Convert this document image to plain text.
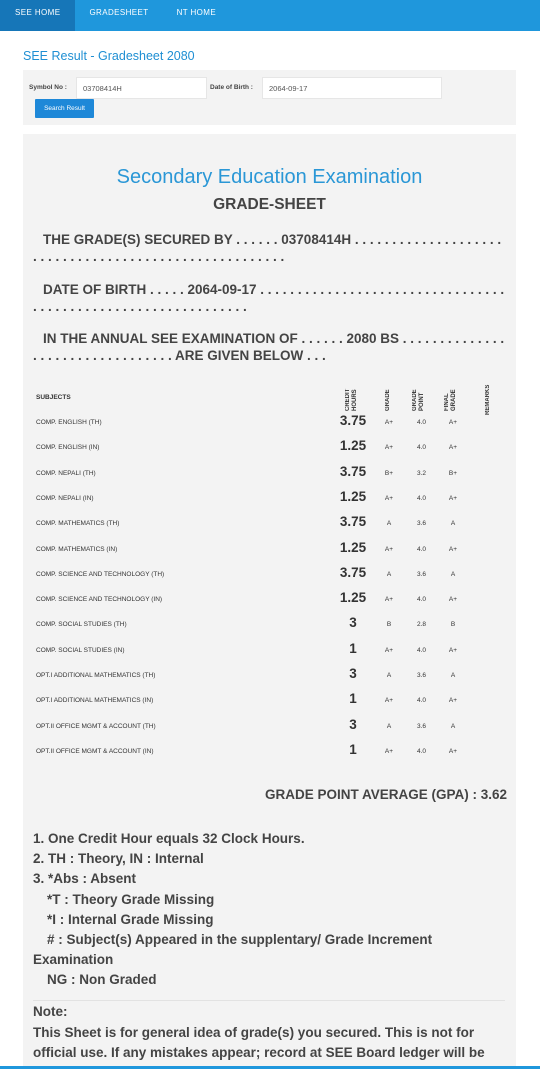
SEE HOME	GRADESHEET	NT HOME
SEE Result - Gradesheet 2080
Symbol No :	03708414H	Date of Birth :	2064-09-17
Search Result
Secondary Education Examination
GRADE-SHEET
THE GRADE(S) SECURED BY . . . . . . 03708414H . . . . . . . . . . . . . . . . . . . . . . . . . . . . . . . . . . . . . . . . . . . . . . . . . . . . . .
DATE OF BIRTH . . . . . 2064-09-17 . . . . . . . . . . . . . . . . . . . . . . . . . . . . . . . . . . . . . . . . . . . . . . . . . . . . . . . . . . . . . .
IN THE ANNUAL SEE EXAMINATION OF . . . . . . 2080 BS . . . . . . . . . . . . . . . . . . . . . . . . . . . . . . . . . ARE GIVEN BELOW . . .
SUBJECTS	CREDIT HOURS	GRADE	GRADE POINT	FINAL GRADE	REMARKS
COMP. ENGLISH (TH)	3.75	A+	4.0	A+
COMP. ENGLISH (IN)	1.25	A+	4.0	A+
COMP. NEPALI (TH)	3.75	B+	3.2	B+
COMP. NEPALI (IN)	1.25	A+	4.0	A+
COMP. MATHEMATICS (TH)	3.75	A	3.6	A
COMP. MATHEMATICS (IN)	1.25	A+	4.0	A+
COMP. SCIENCE AND TECHNOLOGY (TH)	3.75	A	3.6	A
COMP. SCIENCE AND TECHNOLOGY (IN)	1.25	A+	4.0	A+
COMP. SOCIAL STUDIES (TH)	3	B	2.8	B
COMP. SOCIAL STUDIES (IN)	1	A+	4.0	A+
OPT.I ADDITIONAL MATHEMATICS (TH)	3	A	3.6	A
OPT.I ADDITIONAL MATHEMATICS (IN)	1	A+	4.0	A+
OPT.II OFFICE MGMT & ACCOUNT (TH)	3	A	3.6	A
OPT.II OFFICE MGMT & ACCOUNT (IN)	1	A+	4.0	A+
GRADE POINT AVERAGE (GPA) : 3.62
1. One Credit Hour equals 32 Clock Hours.
2. TH : Theory, IN : Internal
3. *Abs : Absent
*T : Theory Grade Missing
*I : Internal Grade Missing
# : Subject(s) Appeared in the supplentary/ Grade Increment
Examination
NG : Non Graded
Note:
This Sheet is for general idea of grade(s) you secured. This is not for official use. If any mistakes appear; record at SEE Board ledger will be
